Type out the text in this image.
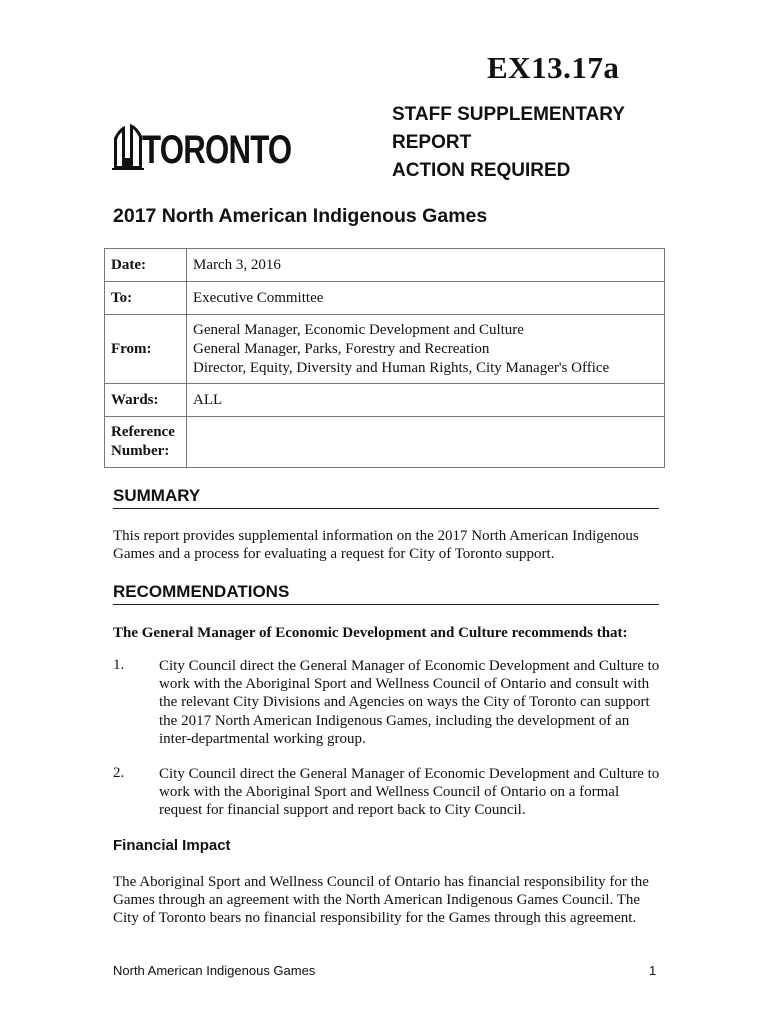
EX13.17a
TORONTO
STAFF SUPPLEMENTARY
REPORT
ACTION REQUIRED
2017 North American Indigenous Games
Date:	March 3, 2016
To:	Executive Committee
From:	General Manager, Economic Development and Culture
General Manager, Parks, Forestry and Recreation
Director, Equity, Diversity and Human Rights, City Manager's Office

Wards:	ALL
Reference Number:	
SUMMARY
This report provides supplemental information on the 2017 North American Indigenous Games and a process for evaluating a request for City of Toronto support.
RECOMMENDATIONS
The General Manager of Economic Development and Culture recommends that:
1. City Council direct the General Manager of Economic Development and Culture to work with the Aboriginal Sport and Wellness Council of Ontario and consult with the relevant City Divisions and Agencies on ways the City of Toronto can support the 2017 North American Indigenous Games, including the development of an inter-departmental working group.
2. City Council direct the General Manager of Economic Development and Culture to work with the Aboriginal Sport and Wellness Council of Ontario on a formal request for financial support and report back to City Council.
Financial Impact
The Aboriginal Sport and Wellness Council of Ontario has financial responsibility for the Games through an agreement with the North American Indigenous Games Council. The City of Toronto bears no financial responsibility for the Games through this agreement.
North American Indigenous Games	1
